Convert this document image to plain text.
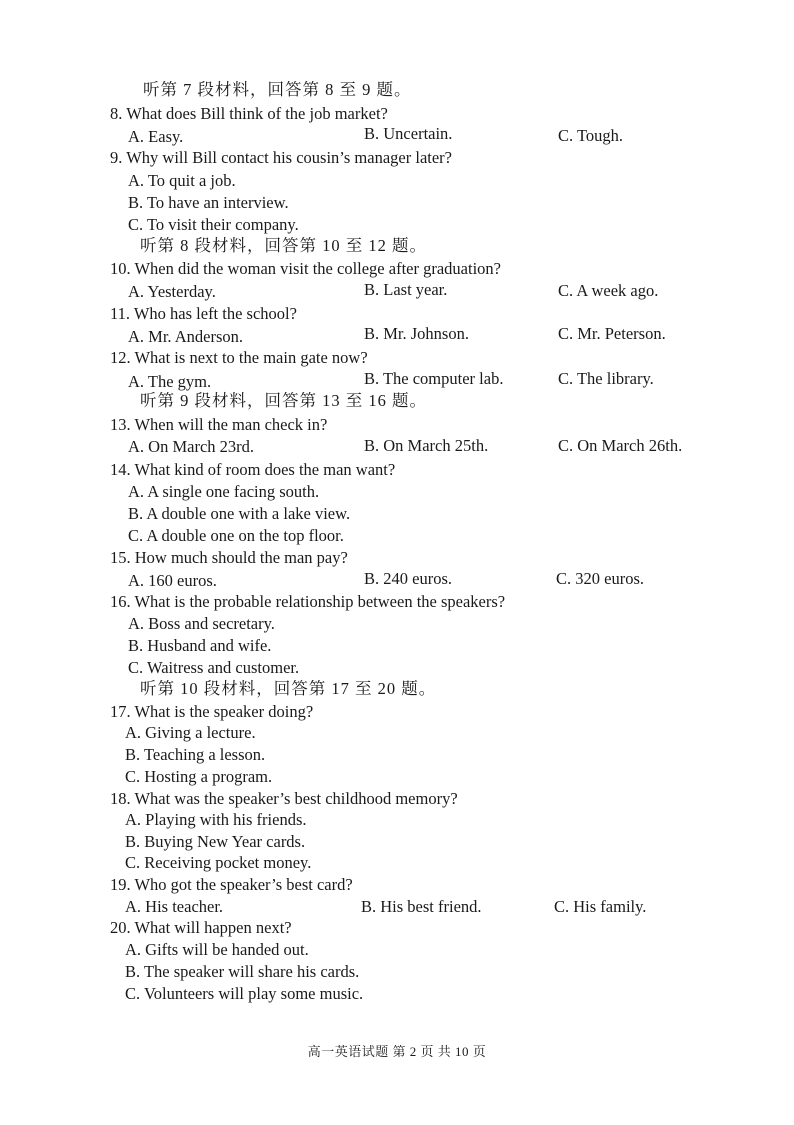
听第 7 段材料，回答第 8 至 9 题。
8. What does Bill think of the job market?
A. Easy.	B. Uncertain.	C. Tough.
9. Why will Bill contact his cousin’s manager later?
A. To quit a job.
B. To have an interview.
C. To visit their company.
听第 8 段材料，回答第 10 至 12 题。
10. When did the woman visit the college after graduation?
A. Yesterday.	B. Last year.	C. A week ago.
11. Who has left the school?
A. Mr. Anderson.	B. Mr. Johnson.	C. Mr. Peterson.
12. What is next to the main gate now?
A. The gym.	B. The computer lab.	C. The library.
听第 9 段材料，回答第 13 至 16 题。
13. When will the man check in?
A. On March 23rd.	B. On March 25th.	C. On March 26th.
14. What kind of room does the man want?
A. A single one facing south.
B. A double one with a lake view.
C. A double one on the top floor.
15. How much should the man pay?
A. 160 euros.	B. 240 euros.	C. 320 euros.
16. What is the probable relationship between the speakers?
A. Boss and secretary.
B. Husband and wife.
C. Waitress and customer.
听第 10 段材料，回答第 17 至 20 题。
17. What is the speaker doing?
A. Giving a lecture.
B. Teaching a lesson.
C. Hosting a program.
18. What was the speaker’s best childhood memory?
A. Playing with his friends.
B. Buying New Year cards.
C. Receiving pocket money.
19. Who got the speaker’s best card?
A. His teacher.	B. His best friend.	C. His family.
20. What will happen next?
A. Gifts will be handed out.
B. The speaker will share his cards.
C. Volunteers will play some music.
高一英语试题 第 2 页 共 10 页
